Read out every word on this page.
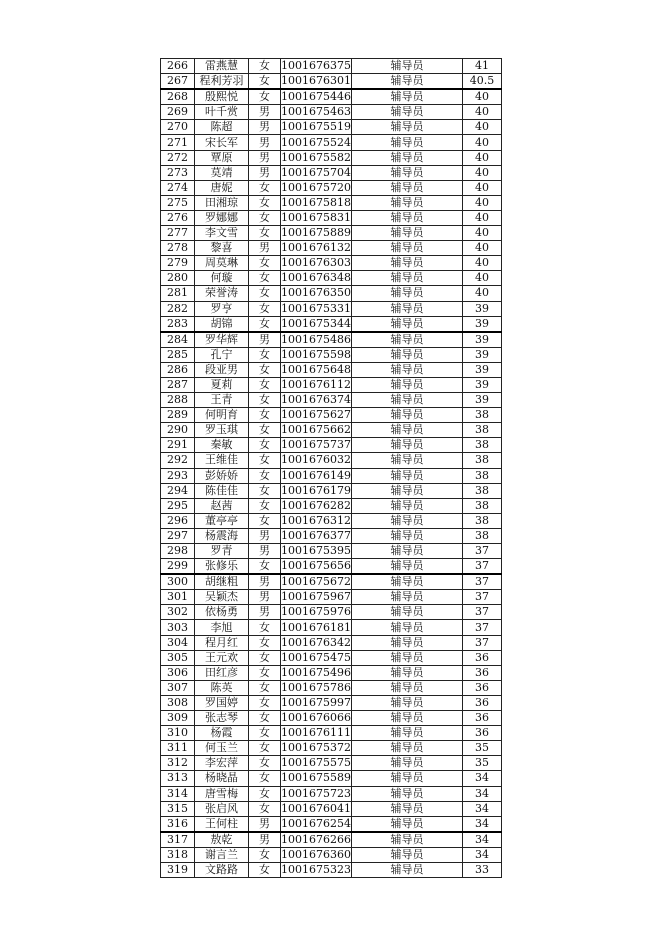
266	雷燕慧	女	1001676375	辅导员	41
267	程利芳羽	女	1001676301	辅导员	40.5
268	殷熙悦	女	1001675446	辅导员	40
269	叶千赏	男	1001675463	辅导员	40
270	陈超	男	1001675519	辅导员	40
271	宋长军	男	1001675524	辅导员	40
272	覃原	男	1001675582	辅导员	40
273	莫靖	男	1001675704	辅导员	40
274	唐妮	女	1001675720	辅导员	40
275	田湘琼	女	1001675818	辅导员	40
276	罗娜娜	女	1001675831	辅导员	40
277	李文雪	女	1001675889	辅导员	40
278	黎喜	男	1001676132	辅导员	40
279	周莫琳	女	1001676303	辅导员	40
280	何璇	女	1001676348	辅导员	40
281	荣誉涛	女	1001676350	辅导员	40
282	罗亨	女	1001675331	辅导员	39
283	胡锦	女	1001675344	辅导员	39
284	罗华辉	男	1001675486	辅导员	39
285	孔宁	女	1001675598	辅导员	39
286	段亚男	女	1001675648	辅导员	39
287	夏莉	女	1001676112	辅导员	39
288	王青	女	1001676374	辅导员	39
289	何明育	女	1001675627	辅导员	38
290	罗玉琪	女	1001675662	辅导员	38
291	秦敏	女	1001675737	辅导员	38
292	王维佳	女	1001676032	辅导员	38
293	彭娇娇	女	1001676149	辅导员	38
294	陈佳佳	女	1001676179	辅导员	38
295	赵茜	女	1001676282	辅导员	38
296	董亭亭	女	1001676312	辅导员	38
297	杨震海	男	1001676377	辅导员	38
298	罗青	男	1001675395	辅导员	37
299	张修乐	女	1001675656	辅导员	37
300	胡继粗	男	1001675672	辅导员	37
301	吴颖杰	男	1001675967	辅导员	37
302	依杨勇	男	1001675976	辅导员	37
303	李旭	女	1001676181	辅导员	37
304	程月红	女	1001676342	辅导员	37
305	王元欢	女	1001675475	辅导员	36
306	田红彦	女	1001675496	辅导员	36
307	陈英	女	1001675786	辅导员	36
308	罗国婷	女	1001675997	辅导员	36
309	张志琴	女	1001676066	辅导员	36
310	杨霞	女	1001676111	辅导员	36
311	何玉兰	女	1001675372	辅导员	35
312	李宏萍	女	1001675575	辅导员	35
313	杨晓晶	女	1001675589	辅导员	34
314	唐雪梅	女	1001675723	辅导员	34
315	张启风	女	1001676041	辅导员	34
316	王何柱	男	1001676254	辅导员	34
317	敖乾	男	1001676266	辅导员	34
318	谢言兰	女	1001676360	辅导员	34
319	文路路	女	1001675323	辅导员	33
